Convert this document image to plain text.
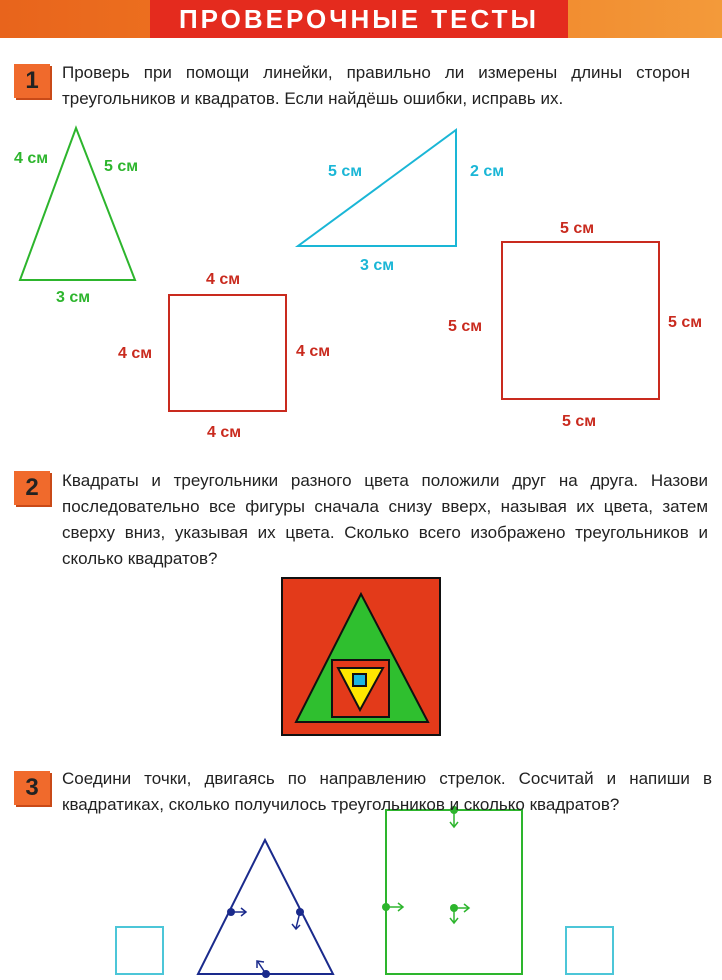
ПРОВЕРОЧНЫЕ ТЕСТЫ
1	Проверь при помощи линейки, правильно ли измерены длины сторон треугольников и квадратов. Если найдёшь ошибки, исправь их.
4 см	5 см
3 см
5 см	2 см
3 см
4 см
4 см	4 см
4 см
5 см
5 см	5 см
5 см
2	Квадраты и треугольники разного цвета положили друг на друга. Назови последовательно все фигуры сначала снизу вверх, называя их цвета, затем сверху вниз, указывая их цвета. Сколько всего изображено треугольников и сколько квадратов?
3	Соедини точки, двигаясь по направлению стрелок. Сосчитай и напиши в квадратиках, сколько получилось треугольников и сколько квадратов?
